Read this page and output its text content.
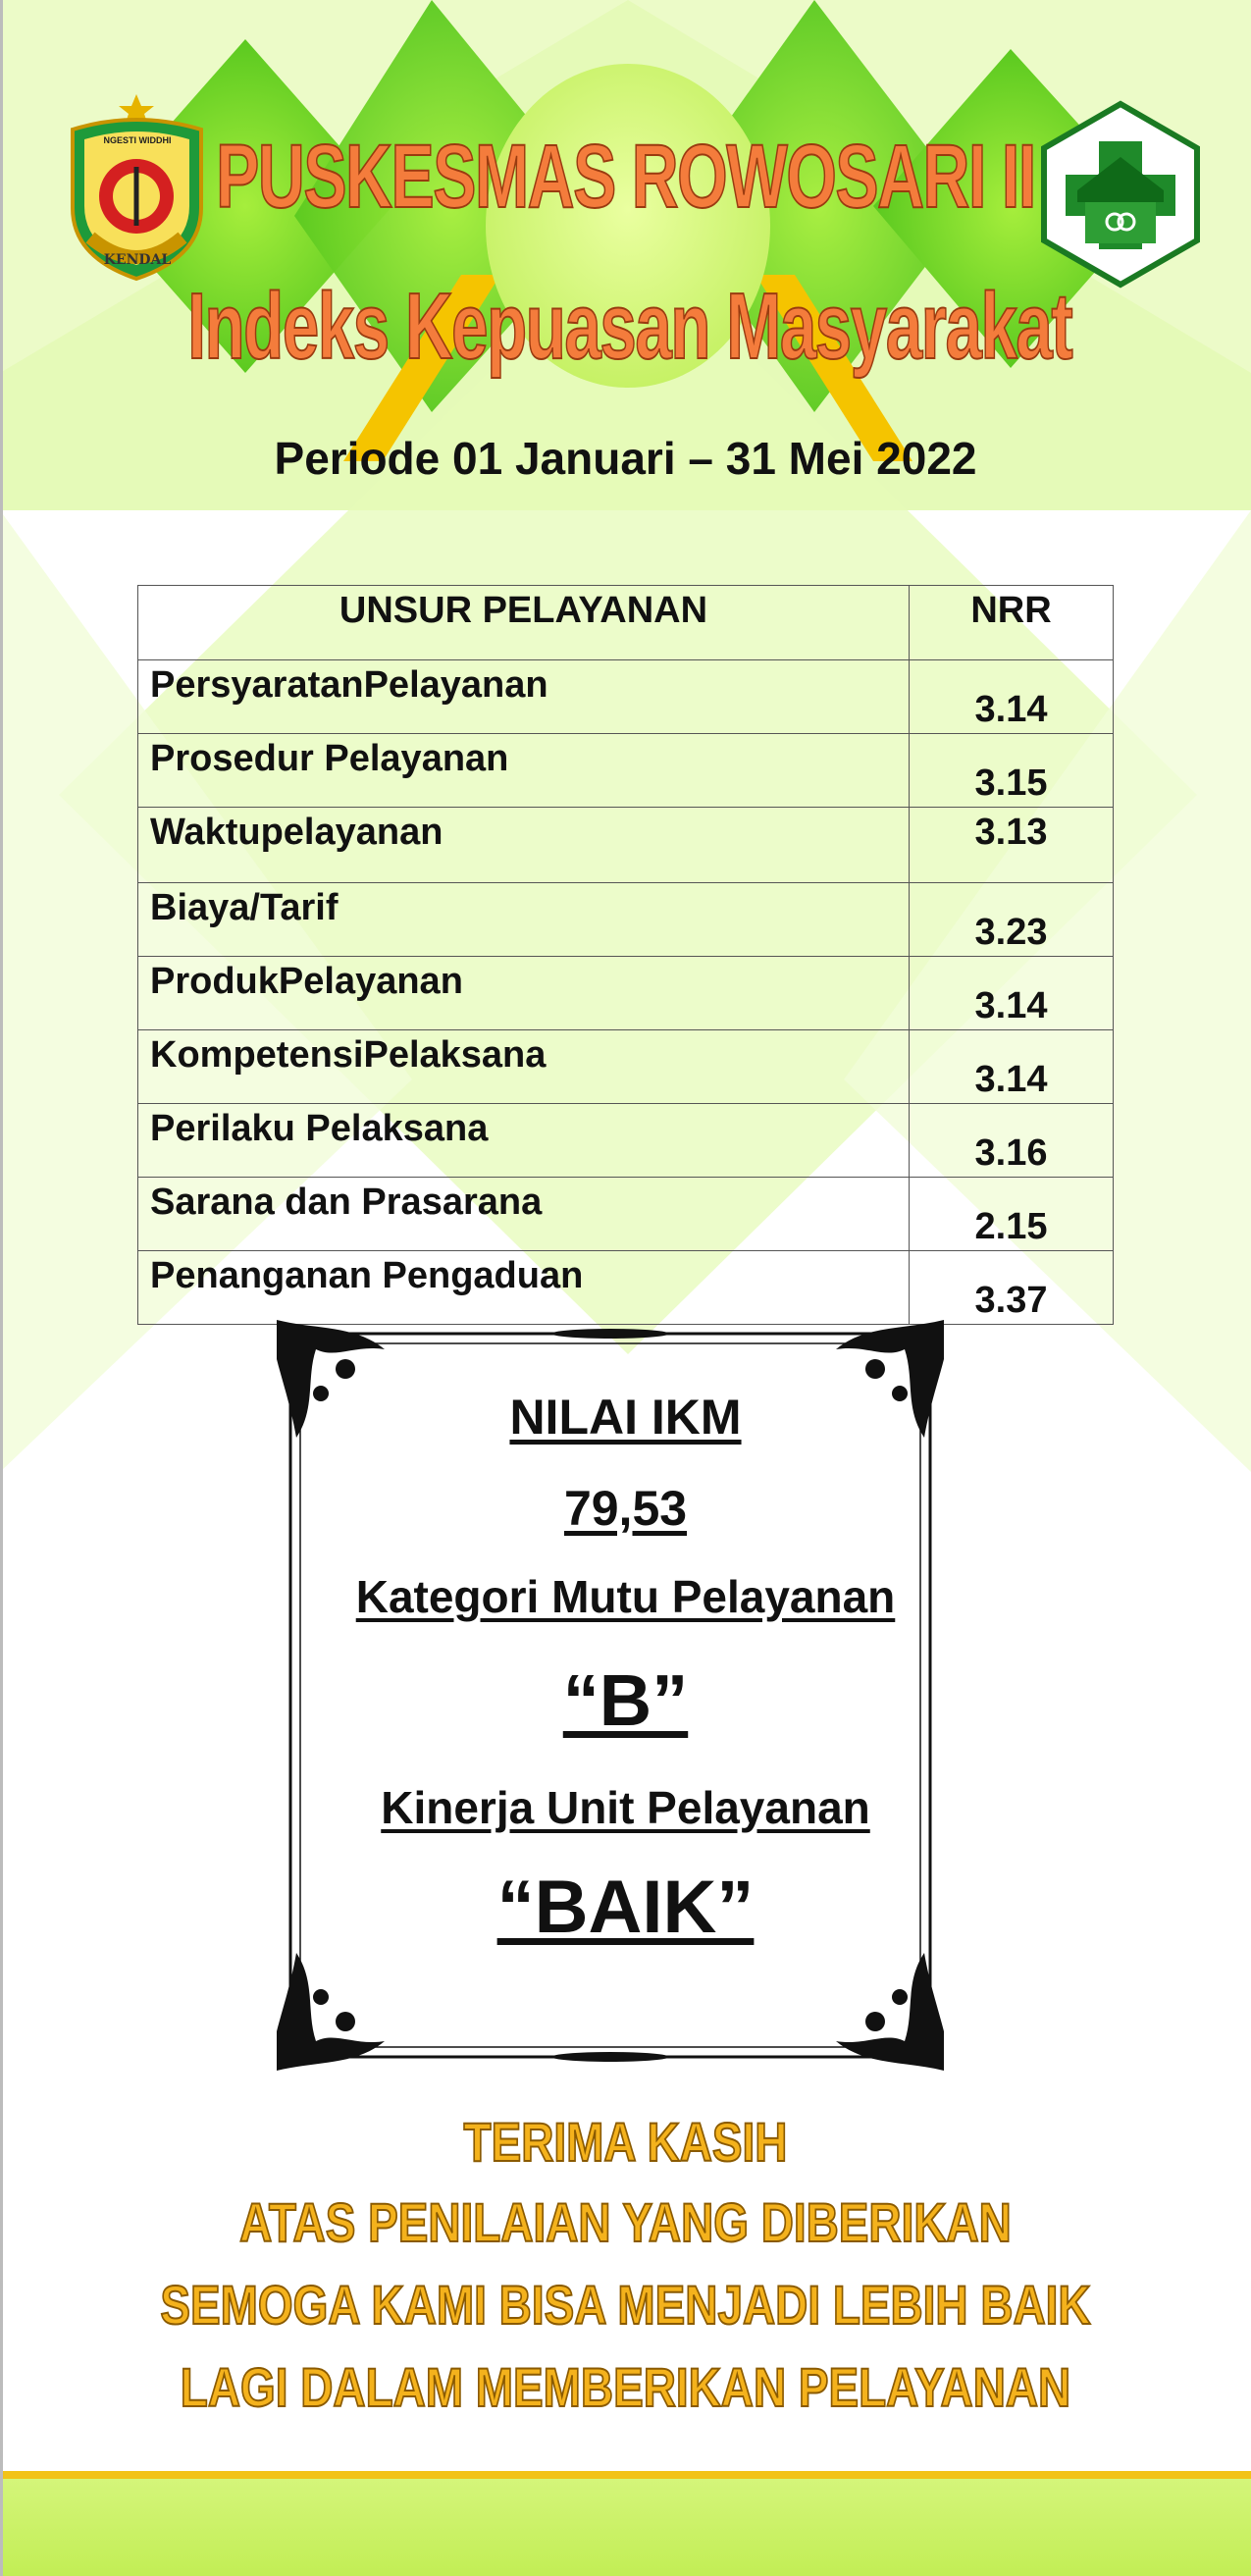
NGESTI WIDDHI
KENDAL
PUSKESMAS ROWOSARI II
Indeks Kepuasan Masyarakat
Periode 01 Januari – 31 Mei 2022
UNSUR PELAYANAN	NRR
PersyaratanPelayanan	3.14
Prosedur Pelayanan	3.15
Waktupelayanan	3.13
Biaya/Tarif	3.23
ProdukPelayanan	3.14
KompetensiPelaksana	3.14
Perilaku Pelaksana	3.16
Sarana dan Prasarana	2.15
Penanganan Pengaduan	3.37
NILAI IKM
79,53
Kategori Mutu Pelayanan
“B”
Kinerja Unit Pelayanan
“BAIK”
TERIMA KASIH
ATAS PENILAIAN YANG DIBERIKAN
SEMOGA KAMI BISA MENJADI LEBIH BAIK
LAGI DALAM MEMBERIKAN PELAYANAN
